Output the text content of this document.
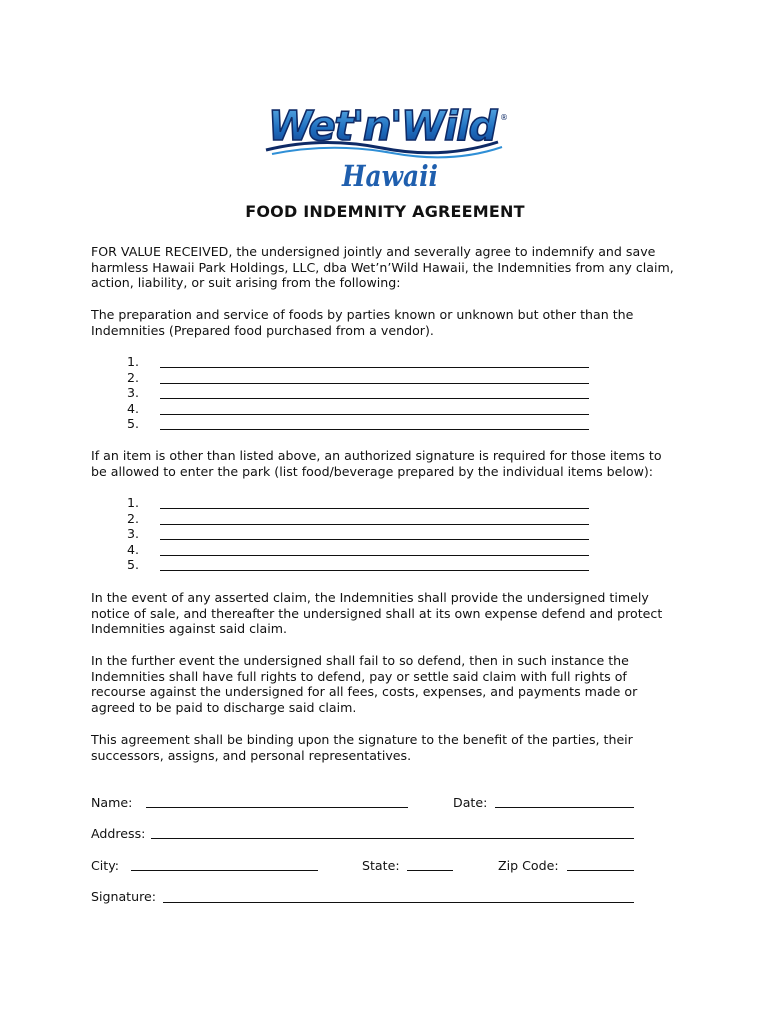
Wet'n'Wild ®
Hawaii
FOOD INDEMNITY AGREEMENT

FOR VALUE RECEIVED, the undersigned jointly and severally agree to indemnify and save
harmless Hawaii Park Holdings, LLC, dba Wet’n’Wild Hawaii, the Indemnities from any claim,
action, liability, or suit arising from the following:

The preparation and service of foods by parties known or unknown but other than the
Indemnities (Prepared food purchased from a vendor).

1.
2.
3.
4.
5.

If an item is other than listed above, an authorized signature is required for those items to
be allowed to enter the park (list food/beverage prepared by the individual items below):

1.
2.
3.
4.
5.

In the event of any asserted claim, the Indemnities shall provide the undersigned timely
notice of sale, and thereafter the undersigned shall at its own expense defend and protect
Indemnities against said claim.

In the further event the undersigned shall fail to so defend, then in such instance the
Indemnities shall have full rights to defend, pay or settle said claim with full rights of
recourse against the undersigned for all fees, costs, expenses, and payments made or
agreed to be paid to discharge said claim.

This agreement shall be binding upon the signature to the benefit of the parties, their
successors, assigns, and personal representatives.

Name:	Date:
Address:
City:	State:	Zip Code:
Signature:
